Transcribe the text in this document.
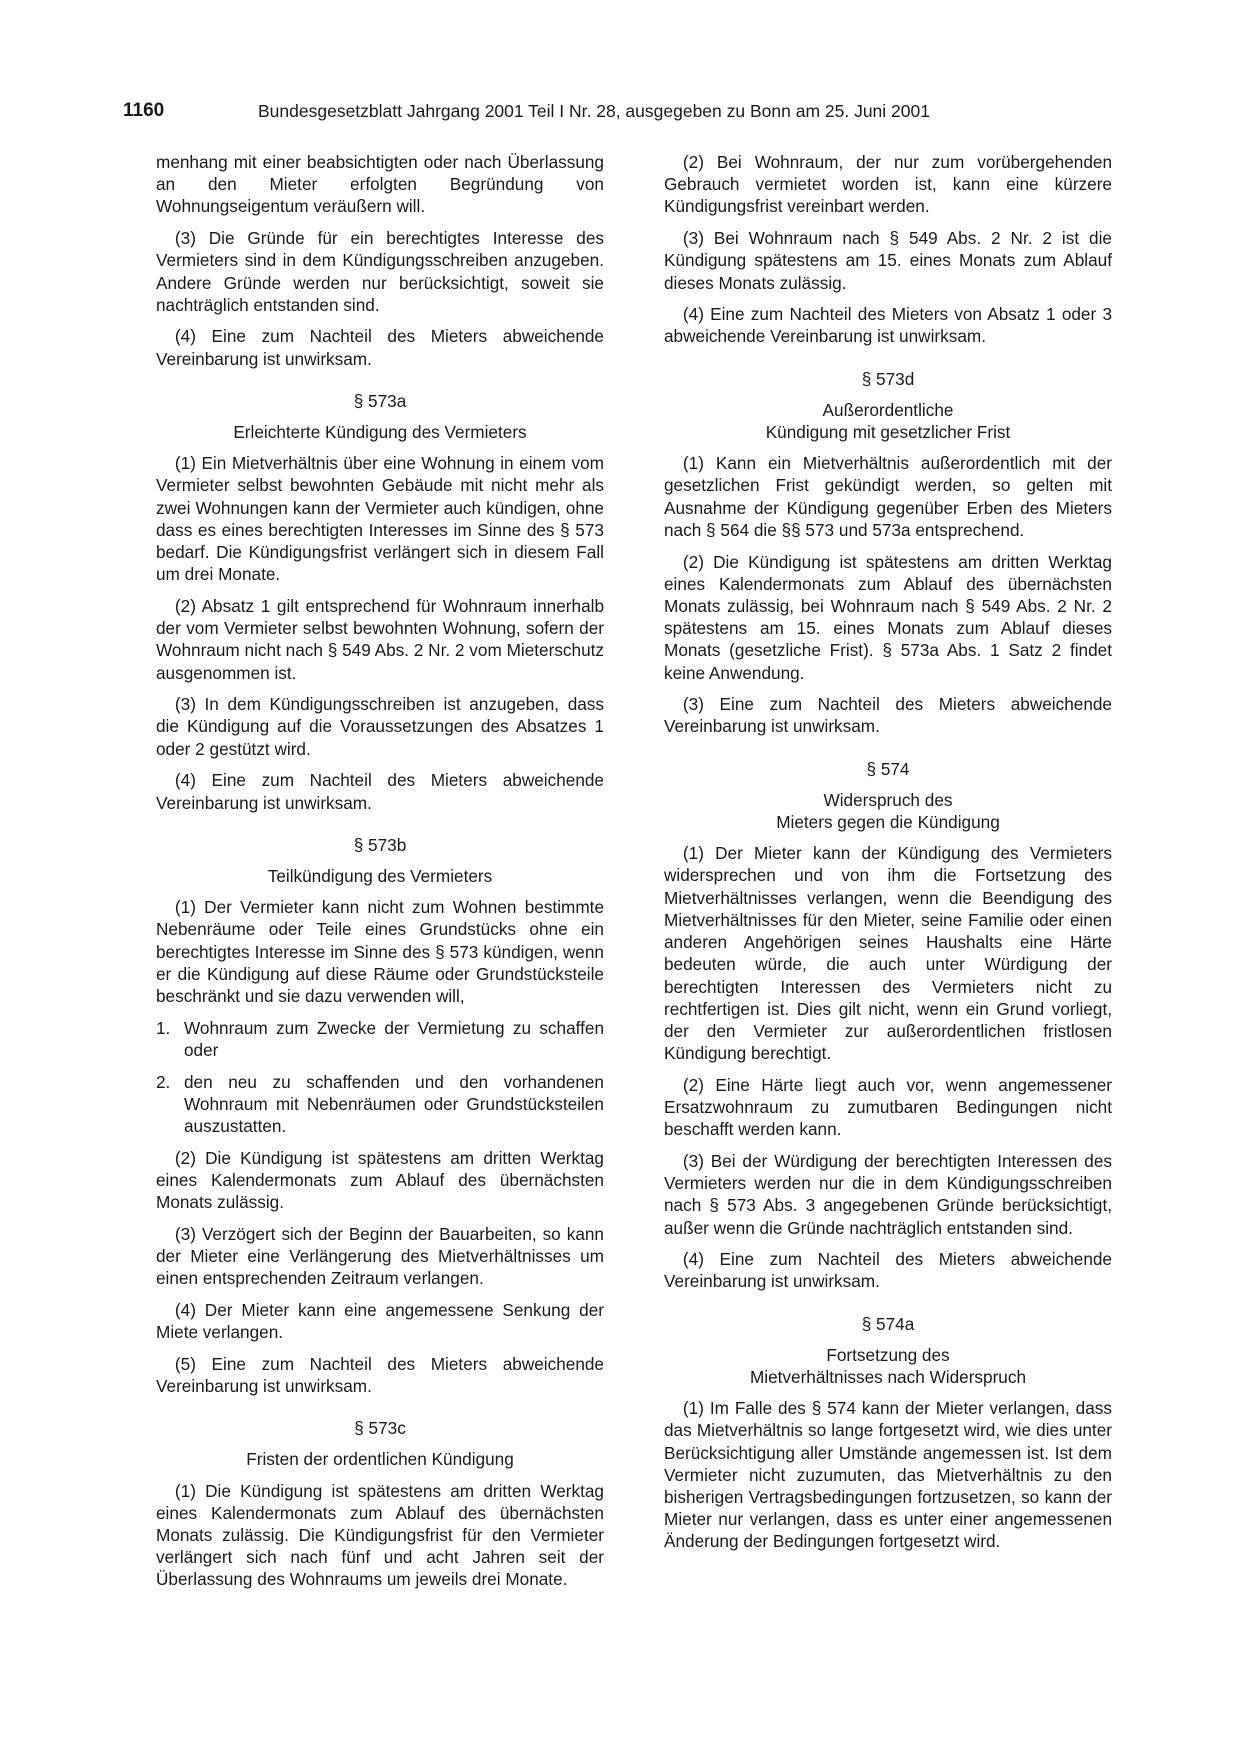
1160	Bundesgesetzblatt Jahrgang 2001 Teil I Nr. 28, ausgegeben zu Bonn am 25. Juni 2001

menhang mit einer beabsichtigten oder nach Überlassung an den Mieter erfolgten Begründung von Wohnungseigentum veräußern will.

(3) Die Gründe für ein berechtigtes Interesse des Vermieters sind in dem Kündigungsschreiben anzugeben. Andere Gründe werden nur berücksichtigt, soweit sie nachträglich entstanden sind.

(4) Eine zum Nachteil des Mieters abweichende Vereinbarung ist unwirksam.

§ 573a
Erleichterte Kündigung des Vermieters

(1) Ein Mietverhältnis über eine Wohnung in einem vom Vermieter selbst bewohnten Gebäude mit nicht mehr als zwei Wohnungen kann der Vermieter auch kündigen, ohne dass es eines berechtigten Interesses im Sinne des § 573 bedarf. Die Kündigungsfrist verlängert sich in diesem Fall um drei Monate.

(2) Absatz 1 gilt entsprechend für Wohnraum innerhalb der vom Vermieter selbst bewohnten Wohnung, sofern der Wohnraum nicht nach § 549 Abs. 2 Nr. 2 vom Mieterschutz ausgenommen ist.

(3) In dem Kündigungsschreiben ist anzugeben, dass die Kündigung auf die Voraussetzungen des Absatzes 1 oder 2 gestützt wird.

(4) Eine zum Nachteil des Mieters abweichende Vereinbarung ist unwirksam.

§ 573b
Teilkündigung des Vermieters

(1) Der Vermieter kann nicht zum Wohnen bestimmte Nebenräume oder Teile eines Grundstücks ohne ein berechtigtes Interesse im Sinne des § 573 kündigen, wenn er die Kündigung auf diese Räume oder Grundstücksteile beschränkt und sie dazu verwenden will,

1. Wohnraum zum Zwecke der Vermietung zu schaffen oder
2. den neu zu schaffenden und den vorhandenen Wohnraum mit Nebenräumen oder Grundstücksteilen auszustatten.

(2) Die Kündigung ist spätestens am dritten Werktag eines Kalendermonats zum Ablauf des übernächsten Monats zulässig.

(3) Verzögert sich der Beginn der Bauarbeiten, so kann der Mieter eine Verlängerung des Mietverhältnisses um einen entsprechenden Zeitraum verlangen.

(4) Der Mieter kann eine angemessene Senkung der Miete verlangen.

(5) Eine zum Nachteil des Mieters abweichende Vereinbarung ist unwirksam.

§ 573c
Fristen der ordentlichen Kündigung

(1) Die Kündigung ist spätestens am dritten Werktag eines Kalendermonats zum Ablauf des übernächsten Monats zulässig. Die Kündigungsfrist für den Vermieter verlängert sich nach fünf und acht Jahren seit der Überlassung des Wohnraums um jeweils drei Monate.

(2) Bei Wohnraum, der nur zum vorübergehenden Gebrauch vermietet worden ist, kann eine kürzere Kündigungsfrist vereinbart werden.

(3) Bei Wohnraum nach § 549 Abs. 2 Nr. 2 ist die Kündigung spätestens am 15. eines Monats zum Ablauf dieses Monats zulässig.

(4) Eine zum Nachteil des Mieters von Absatz 1 oder 3 abweichende Vereinbarung ist unwirksam.

§ 573d
Außerordentliche
Kündigung mit gesetzlicher Frist

(1) Kann ein Mietverhältnis außerordentlich mit der gesetzlichen Frist gekündigt werden, so gelten mit Ausnahme der Kündigung gegenüber Erben des Mieters nach § 564 die §§ 573 und 573a entsprechend.

(2) Die Kündigung ist spätestens am dritten Werktag eines Kalendermonats zum Ablauf des übernächsten Monats zulässig, bei Wohnraum nach § 549 Abs. 2 Nr. 2 spätestens am 15. eines Monats zum Ablauf dieses Monats (gesetzliche Frist). § 573a Abs. 1 Satz 2 findet keine Anwendung.

(3) Eine zum Nachteil des Mieters abweichende Vereinbarung ist unwirksam.

§ 574
Widerspruch des
Mieters gegen die Kündigung

(1) Der Mieter kann der Kündigung des Vermieters widersprechen und von ihm die Fortsetzung des Mietverhältnisses verlangen, wenn die Beendigung des Mietverhältnisses für den Mieter, seine Familie oder einen anderen Angehörigen seines Haushalts eine Härte bedeuten würde, die auch unter Würdigung der berechtigten Interessen des Vermieters nicht zu rechtfertigen ist. Dies gilt nicht, wenn ein Grund vorliegt, der den Vermieter zur außerordentlichen fristlosen Kündigung berechtigt.

(2) Eine Härte liegt auch vor, wenn angemessener Ersatzwohnraum zu zumutbaren Bedingungen nicht beschafft werden kann.

(3) Bei der Würdigung der berechtigten Interessen des Vermieters werden nur die in dem Kündigungsschreiben nach § 573 Abs. 3 angegebenen Gründe berücksichtigt, außer wenn die Gründe nachträglich entstanden sind.

(4) Eine zum Nachteil des Mieters abweichende Vereinbarung ist unwirksam.

§ 574a
Fortsetzung des
Mietverhältnisses nach Widerspruch

(1) Im Falle des § 574 kann der Mieter verlangen, dass das Mietverhältnis so lange fortgesetzt wird, wie dies unter Berücksichtigung aller Umstände angemessen ist. Ist dem Vermieter nicht zuzumuten, das Mietverhältnis zu den bisherigen Vertragsbedingungen fortzusetzen, so kann der Mieter nur verlangen, dass es unter einer angemessenen Änderung der Bedingungen fortgesetzt wird.
